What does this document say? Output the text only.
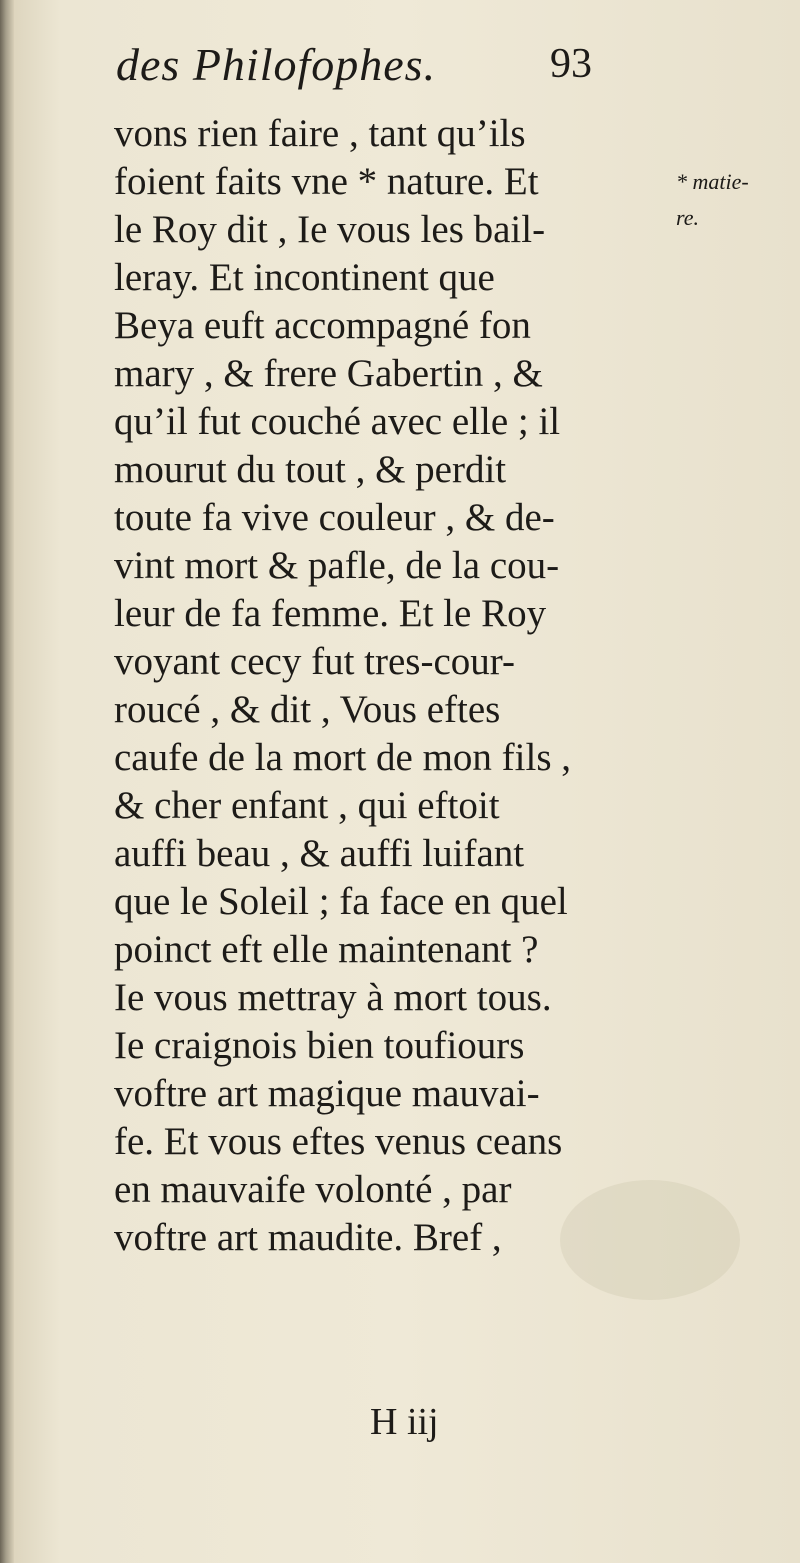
des Philofophes.	93
vons rien faire , tant qu’ils
foient faits vne * nature. Et
le Roy dit , Ie vous les bail-
leray. Et incontinent que
Beya euft accompagné fon
mary , & frere Gabertin , &
qu’il fut couché avec elle ; il
mourut du tout , & perdit
toute fa vive couleur , & de-
vint mort & pafle, de la cou-
leur de fa femme. Et le Roy
voyant cecy fut tres-cour-
roucé , & dit , Vous eftes
caufe de la mort de mon fils ,
& cher enfant , qui eftoit
auffi beau , & auffi luifant
que le Soleil ; fa face en quel
poinct eft elle maintenant ?
Ie vous mettray à mort tous.
Ie craignois bien toufiours
voftre art magique mauvai-
fe. Et vous eftes venus ceans
en mauvaife volonté , par
voftre art maudite. Bref ,
* matie-
re.
H iij
